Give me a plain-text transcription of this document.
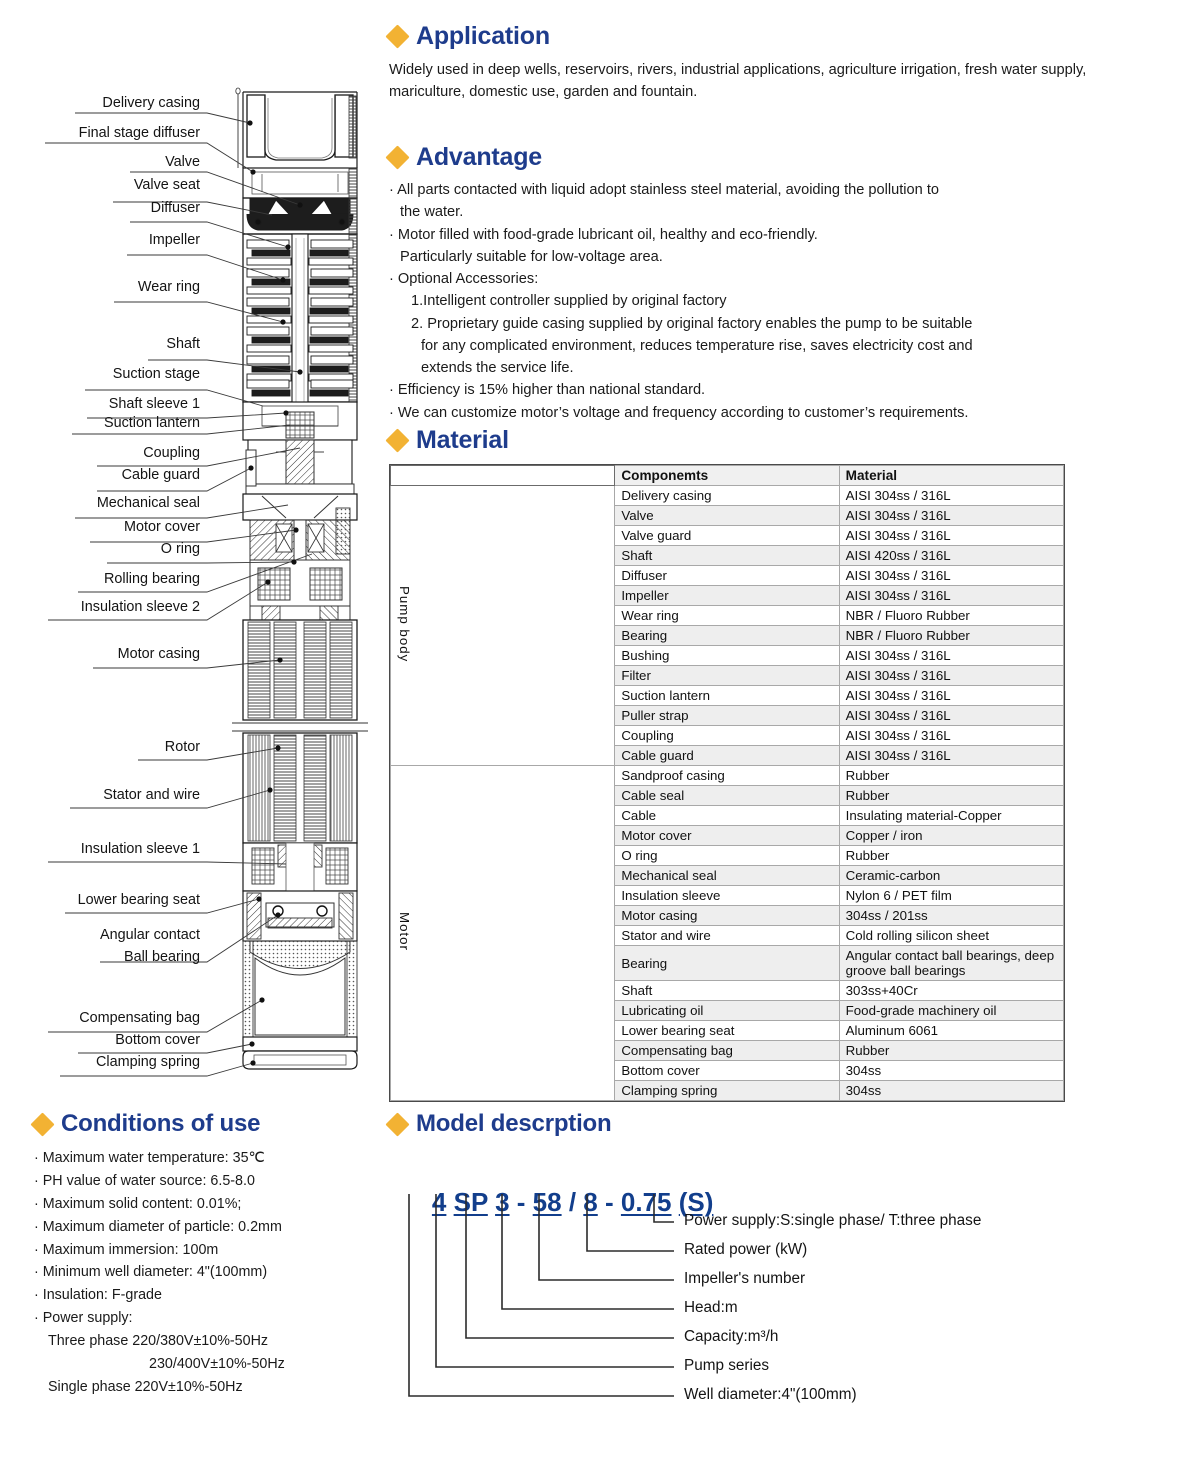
Delivery casing
Final stage diffuser
Valve
Valve seat
Diffuser
Impeller
Wear ring
Shaft
Suction stage
Shaft sleeve 1
Suction lantern
Coupling
Cable guard
Mechanical seal
Motor cover
O ring
Rolling bearing
Insulation sleeve 2
Motor casing
Rotor
Stator and wire
Insulation sleeve 1
Lower bearing seat
Angular contact
Ball bearing
Compensating bag
Bottom cover
Clamping spring
Application

Widely used in deep wells, reservoirs, rivers, industrial applications, agriculture irrigation, fresh water supply, mariculture, domestic use, garden and fountain.

Advantage
· All parts contacted with liquid adopt stainless steel material, avoiding the pollution to
the water.
· Motor filled with food-grade lubricant oil, healthy and eco-friendly.
Particularly suitable for low-voltage area.
· Optional Accessories:
1.Intelligent controller supplied by original factory
2. Proprietary guide casing supplied by original factory enables the pump to be suitable
for any complicated environment, reduces temperature rise, saves electricity cost and
extends the service life.
· Efficiency is 15% higher than national standard.
· We can customize motor’s voltage and frequency according to customer’s requirements.
Material
	Componemts	Material
Pump body	Delivery casing	AISI 304ss / 316L
	Valve	AISI 304ss / 316L
	Valve guard	AISI 304ss / 316L
	Shaft	AISI 420ss / 316L
	Diffuser	AISI 304ss / 316L
	Impeller	AISI 304ss / 316L
	Wear ring	NBR / Fluoro Rubber
	Bearing	NBR / Fluoro Rubber
	Bushing	AISI 304ss / 316L
	Filter	AISI 304ss / 316L
	Suction lantern	AISI 304ss / 316L
	Puller strap	AISI 304ss / 316L
	Coupling	AISI 304ss / 316L
	Cable guard	AISI 304ss / 316L
Motor	Sandproof casing	Rubber
	Cable seal	Rubber
	Cable	Insulating material-Copper
	Motor cover	Copper / iron
	O ring	Rubber
	Mechanical seal	Ceramic-carbon
	Insulation sleeve	Nylon 6 / PET film
	Motor casing	304ss / 201ss
	Stator and wire	Cold rolling silicon sheet
	Bearing	Angular contact ball bearings, deep groove ball bearings
	Shaft	303ss+40Cr
	Lubricating oil	Food-grade machinery oil
	Lower bearing seat	Aluminum 6061
	Compensating bag	Rubber
	Bottom cover	304ss
	Clamping spring	304ss
Conditions of use
· Maximum water temperature: 35℃
· PH value of water source: 6.5-8.0
· Maximum solid content: 0.01%;
· Maximum diameter of particle: 0.2mm
· Maximum immersion: 100m
· Minimum well diameter: 4"(100mm)
· Insulation: F-grade
· Power supply:
Three phase 220/380V±10%-50Hz
230/400V±10%-50Hz
Single phase 220V±10%-50Hz
Model descrption

4 SP 3 - 58 / 8 - 0.75 (S)

Power supply:S:single phase/ T:three phase
Rated power (kW)
Impeller's number
Head:m
Capacity:m³/h
Pump series
Well diameter:4"(100mm)
